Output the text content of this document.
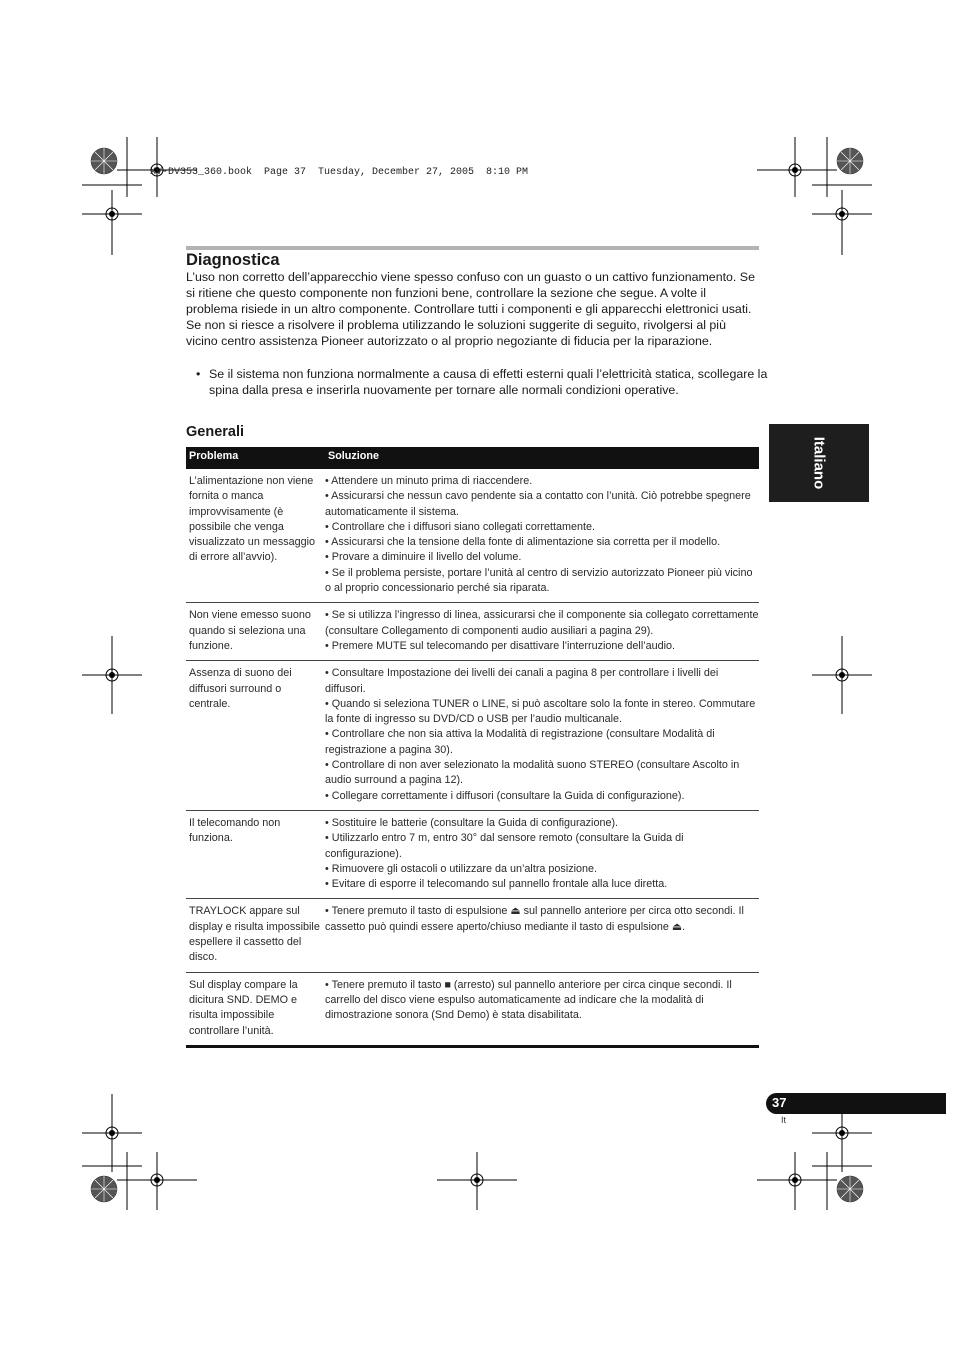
XV-DV353_360.book  Page 37  Tuesday, December 27, 2005  8:10 PM
Diagnostica

L’uso non corretto dell’apparecchio viene spesso confuso con un guasto o un cattivo funzionamento. Se si ritiene che questo componente non funzioni bene, controllare la sezione che segue. A volte il problema risiede in un altro componente. Controllare tutti i componenti e gli apparecchi elettronici usati. Se non si riesce a risolvere il problema utilizzando le soluzioni suggerite di seguito, rivolgersi al più vicino centro assistenza Pioneer autorizzato o al proprio negoziante di fiducia per la riparazione.

• Se il sistema non funziona normalmente a causa di effetti esterni quali l’elettricità statica, scollegare la spina dalla presa e inserirla nuovamente per tornare alle normali condizioni operative.
Generali
Problema	Soluzione
L’alimentazione non viene fornita o manca improvvisamente (è possibile che venga visualizzato un messaggio di errore all’avvio).
• Attendere un minuto prima di riaccendere.
• Assicurarsi che nessun cavo pendente sia a contatto con l’unità. Ciò potrebbe spegnere automaticamente il sistema.
• Controllare che i diffusori siano collegati correttamente.
• Assicurarsi che la tensione della fonte di alimentazione sia corretta per il modello.
• Provare a diminuire il livello del volume.
• Se il problema persiste, portare l’unità al centro di servizio autorizzato Pioneer più vicino o al proprio concessionario perché sia riparata.
Non viene emesso suono quando si seleziona una funzione.
• Se si utilizza l’ingresso di linea, assicurarsi che il componente sia collegato correttamente (consultare Collegamento di componenti audio ausiliari a pagina 29).
• Premere MUTE sul telecomando per disattivare l’interruzione dell’audio.
Assenza di suono dei diffusori surround o centrale.
• Consultare Impostazione dei livelli dei canali a pagina 8 per controllare i livelli dei diffusori.
• Quando si seleziona TUNER o LINE, si può ascoltare solo la fonte in stereo. Commutare la fonte di ingresso su DVD/CD o USB per l’audio multicanale.
• Controllare che non sia attiva la Modalità di registrazione (consultare Modalità di registrazione a pagina 30).
• Controllare di non aver selezionato la modalità suono STEREO (consultare Ascolto in audio surround a pagina 12).
• Collegare correttamente i diffusori (consultare la Guida di configurazione).
Il telecomando non funziona.
• Sostituire le batterie (consultare la Guida di configurazione).
• Utilizzarlo entro 7 m, entro 30° dal sensore remoto (consultare la Guida di configurazione).
• Rimuovere gli ostacoli o utilizzare da un’altra posizione.
• Evitare di esporre il telecomando sul pannello frontale alla luce diretta.
TRAYLOCK appare sul display e risulta impossibile espellere il cassetto del disco.
• Tenere premuto il tasto di espulsione ⏏ sul pannello anteriore per circa otto secondi. Il cassetto può quindi essere aperto/chiuso mediante il tasto di espulsione ⏏.
Sul display compare la dicitura SND. DEMO e risulta impossibile controllare l’unità.
• Tenere premuto il tasto ■ (arresto) sul pannello anteriore per circa cinque secondi. Il carrello del disco viene espulso automaticamente ad indicare che la modalità di dimostrazione sonora (Snd Demo) è stata disabilitata.
Italiano
37
It
